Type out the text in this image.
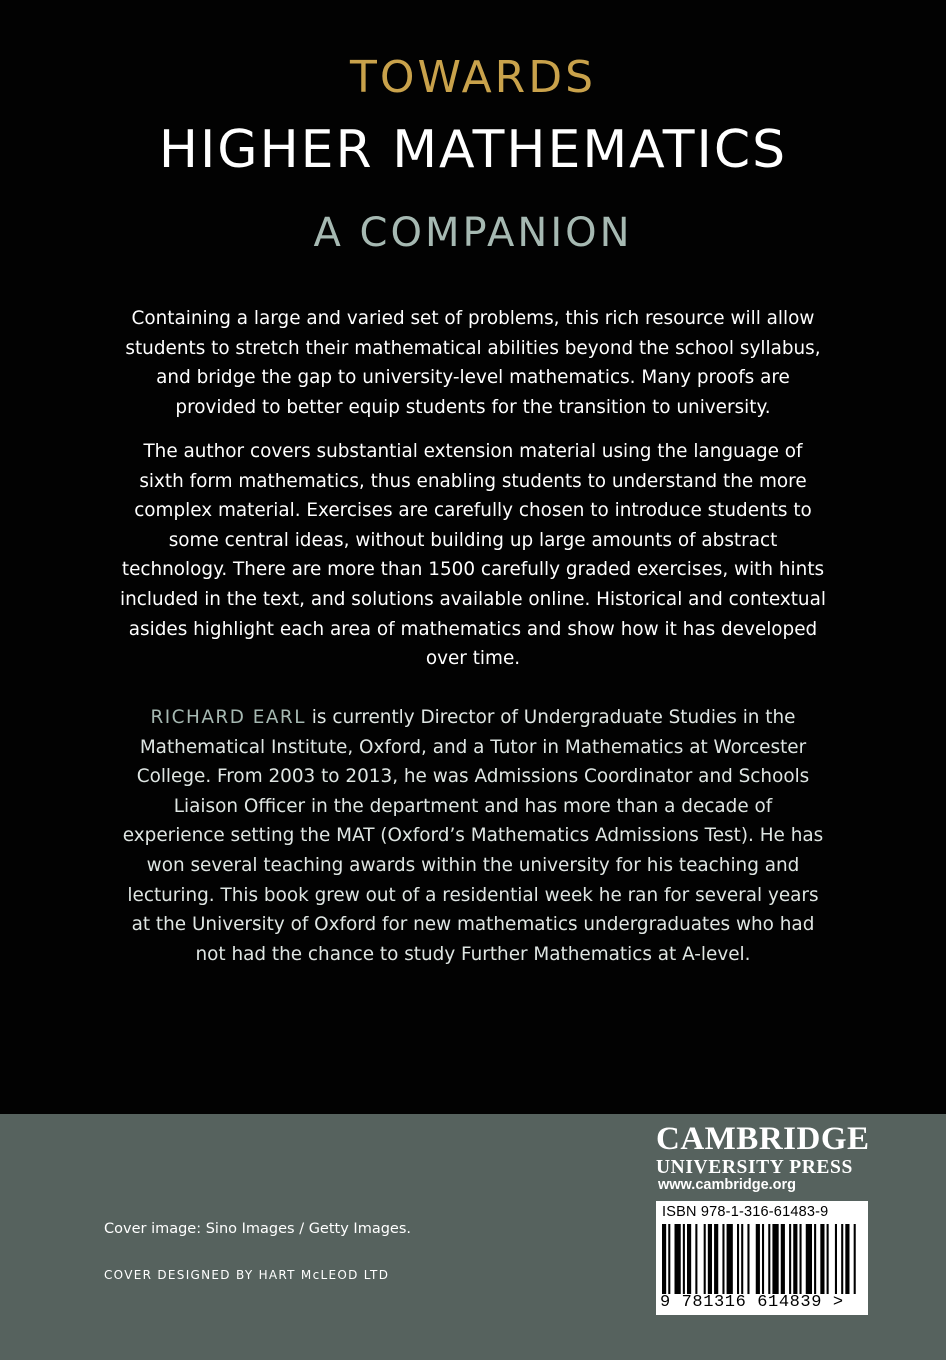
TOWARDS
HIGHER MATHEMATICS
A COMPANION

Containing a large and varied set of problems, this rich resource will allow students to stretch their mathematical abilities beyond the school syllabus, and bridge the gap to university-level mathematics. Many proofs are provided to better equip students for the transition to university.

The author covers substantial extension material using the language of sixth form mathematics, thus enabling students to understand the more complex material. Exercises are carefully chosen to introduce students to some central ideas, without building up large amounts of abstract technology. There are more than 1500 carefully graded exercises, with hints included in the text, and solutions available online. Historical and contextual asides highlight each area of mathematics and show how it has developed over time.

RICHARD EARL is currently Director of Undergraduate Studies in the Mathematical Institute, Oxford, and a Tutor in Mathematics at Worcester College. From 2003 to 2013, he was Admissions Coordinator and Schools Liaison Officer in the department and has more than a decade of experience setting the MAT (Oxford’s Mathematics Admissions Test). He has won several teaching awards within the university for his teaching and lecturing. This book grew out of a residential week he ran for several years at the University of Oxford for new mathematics undergraduates who had not had the chance to study Further Mathematics at A-level.

Cover image: Sino Images / Getty Images.
COVER DESIGNED BY HART McLEOD LTD
CAMBRIDGE
UNIVERSITY PRESS
www.cambridge.org
ISBN 978-1-316-61483-9
9 781316 614839 >
